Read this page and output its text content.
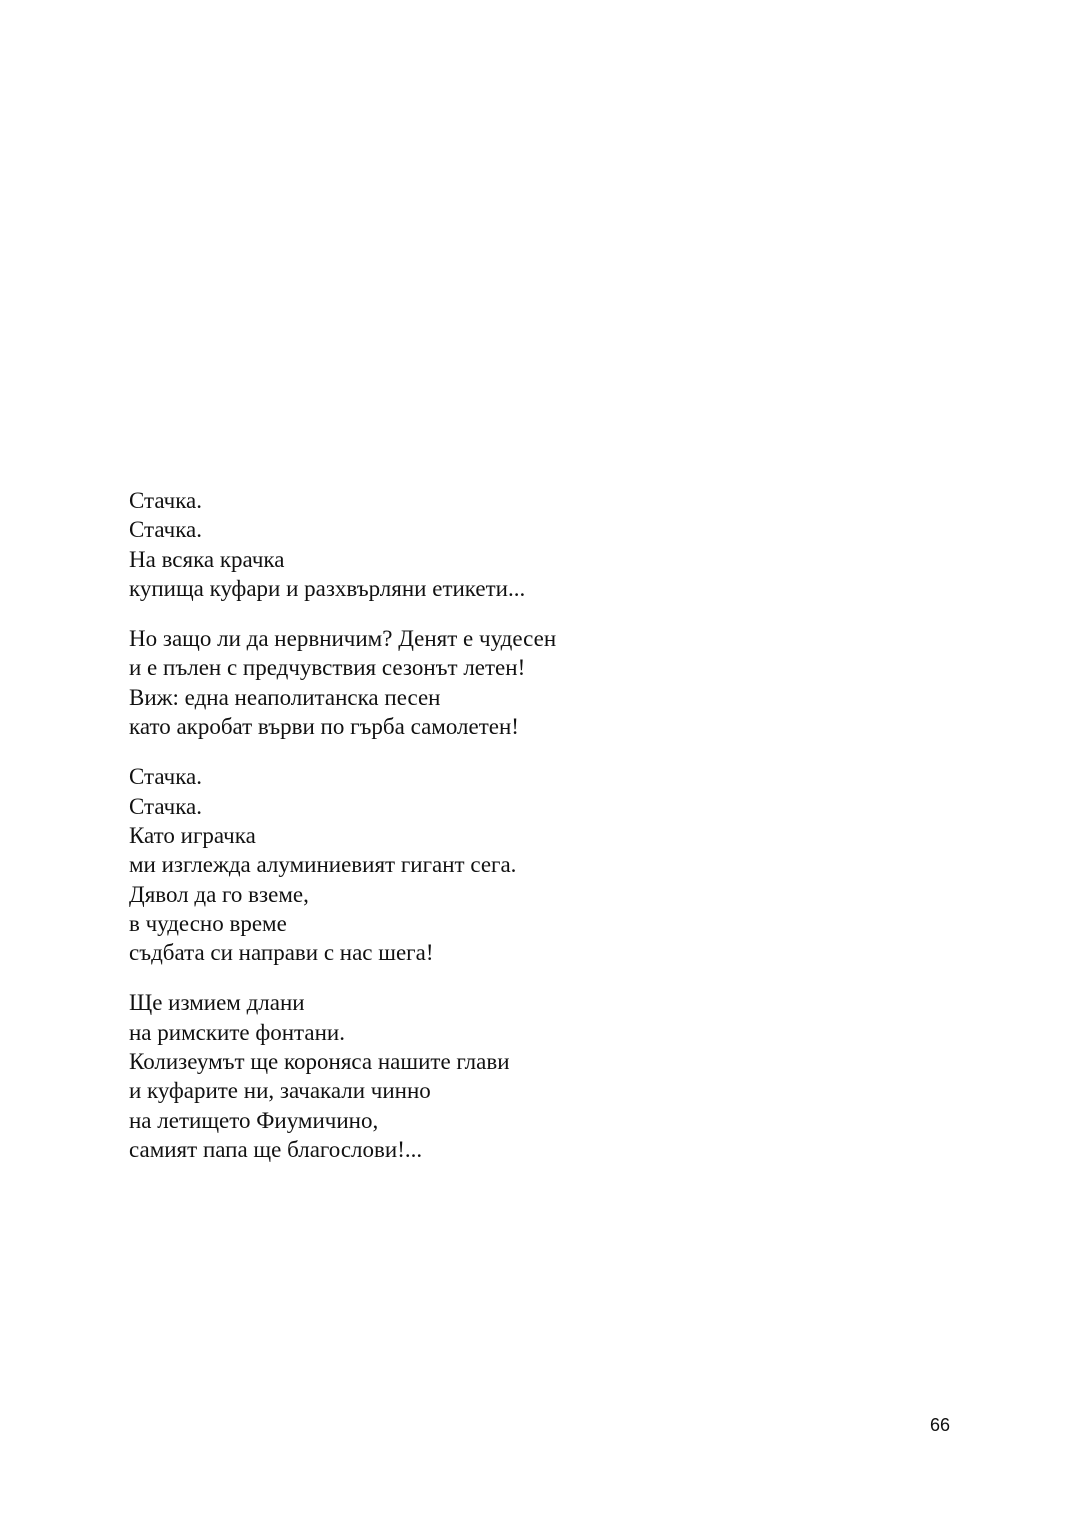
Стачка.
Стачка.
На всяка крачка
купища куфари и разхвърляни етикети...
Но защо ли да нервничим? Денят е чудесен
и е пълен с предчувствия сезонът летен!
Виж: една неаполитанска песен
като акробат върви по гърба самолетен!
Стачка.
Стачка.
Като играчка
ми изглежда алуминиевият гигант сега.
Дявол да го вземе,
в чудесно време
съдбата си направи с нас шега!
Ще измием длани
на римските фонтани.
Колизеумът ще короняса нашите глави
и куфарите ни, зачакали чинно
на летището Фиумичино,
самият папа ще благослови!...
66
